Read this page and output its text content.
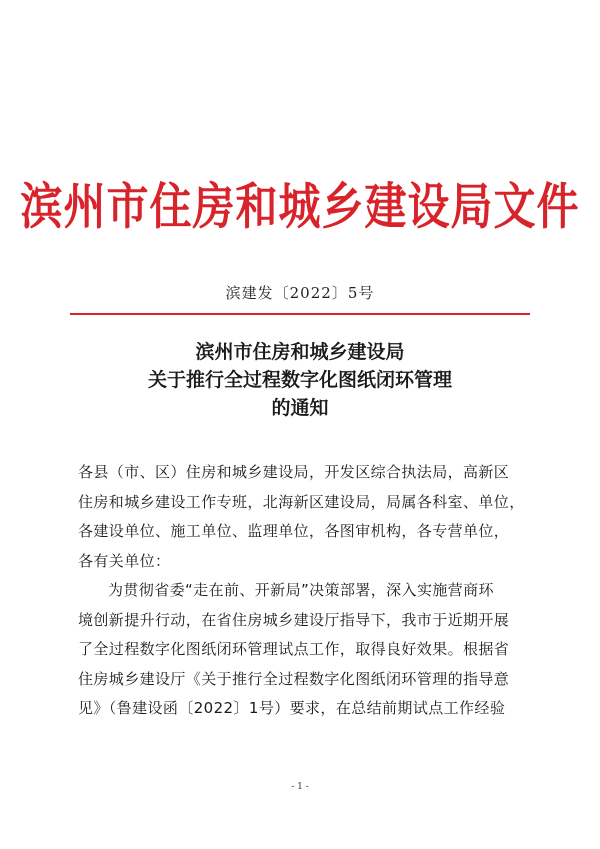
滨州市住房和城乡建设局文件
滨建发〔2022〕5号
滨州市住房和城乡建设局
关于推行全过程数字化图纸闭环管理
的通知
各县（市、区）住房和城乡建设局，开发区综合执法局，高新区
住房和城乡建设工作专班，北海新区建设局，局属各科室、单位，
各建设单位、施工单位、监理单位，各图审机构，各专营单位，
各有关单位：
为贯彻省委“走在前、开新局”决策部署，深入实施营商环
境创新提升行动，在省住房城乡建设厅指导下，我市于近期开展
了全过程数字化图纸闭环管理试点工作，取得良好效果。根据省
住房城乡建设厅《关于推行全过程数字化图纸闭环管理的指导意
见》（鲁建设函〔2022〕1号）要求，在总结前期试点工作经验
- 1 -
